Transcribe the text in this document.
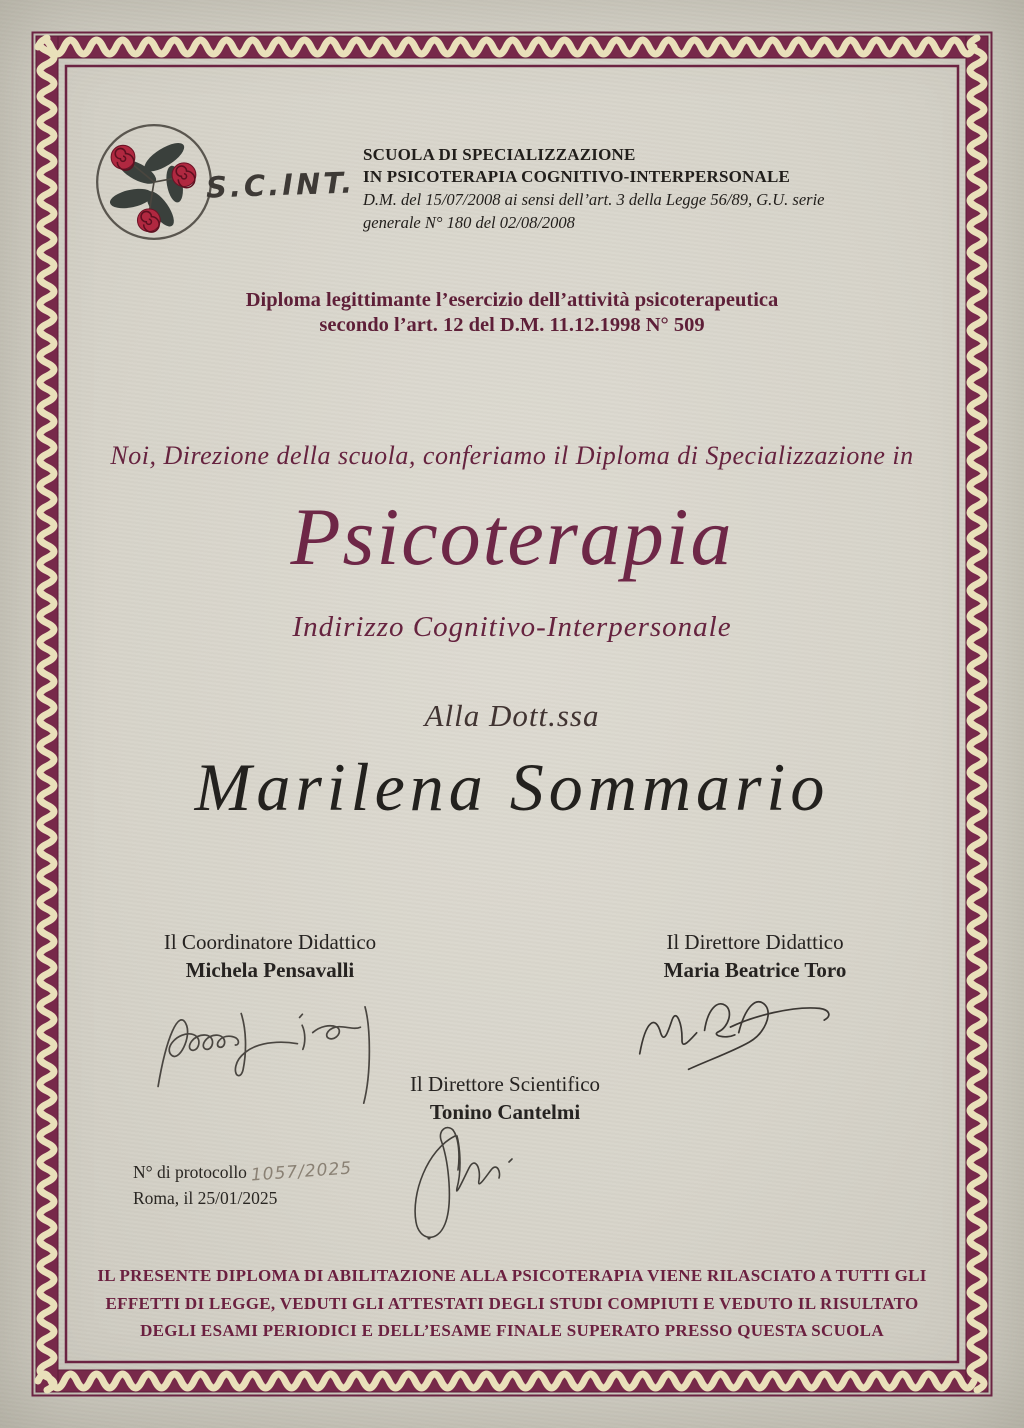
S.C.INT.
SCUOLA DI SPECIALIZZAZIONE
IN PSICOTERAPIA COGNITIVO-INTERPERSONALE
D.M. del 15/07/2008 ai sensi dell’art. 3 della Legge 56/89, G.U. serie
generale N° 180 del 02/08/2008
Diploma legittimante l’esercizio dell’attività psicoterapeutica
secondo l’art. 12 del D.M. 11.12.1998 N° 509
Noi, Direzione della scuola, conferiamo il Diploma di Specializzazione in
Psicoterapia
Indirizzo Cognitivo-Interpersonale
Alla Dott.ssa
Marilena Sommario
Il Coordinatore Didattico
Michela Pensavalli
Il Direttore Didattico
Maria Beatrice Toro
Il Direttore Scientifico
Tonino Cantelmi
N° di protocollo 1057/2025
Roma, il 25/01/2025
IL PRESENTE DIPLOMA DI ABILITAZIONE ALLA PSICOTERAPIA VIENE RILASCIATO A TUTTI GLI
EFFETTI DI LEGGE, VEDUTI GLI ATTESTATI DEGLI STUDI COMPIUTI E VEDUTO IL RISULTATO
DEGLI ESAMI PERIODICI E DELL’ESAME FINALE SUPERATO PRESSO QUESTA SCUOLA
